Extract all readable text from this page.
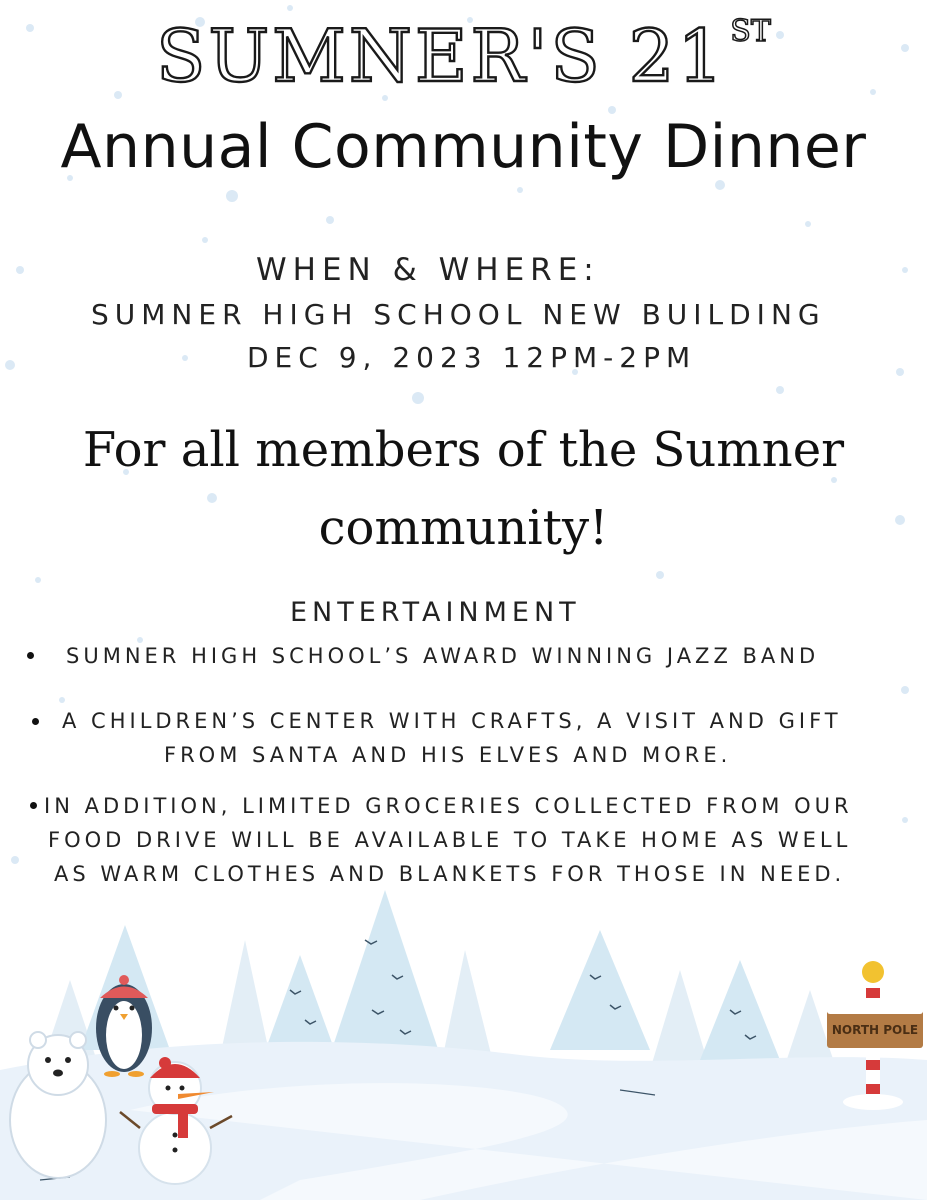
SUMNER'S 21 ST
Annual Community Dinner
WHEN & WHERE:
SUMNER HIGH SCHOOL NEW BUILDING
DEC 9, 2023 12PM-2PM
For all members of the Sumner
community!
ENTERTAINMENT
SUMNER HIGH SCHOOL’S AWARD WINNING JAZZ BAND
A CHILDREN’S CENTER WITH CRAFTS, A VISIT AND GIFT
FROM SANTA AND HIS ELVES AND MORE.
IN ADDITION, LIMITED GROCERIES COLLECTED FROM OUR
FOOD DRIVE WILL BE AVAILABLE TO TAKE HOME AS WELL
AS WARM CLOTHES AND BLANKETS FOR THOSE IN NEED.
NORTH POLE
